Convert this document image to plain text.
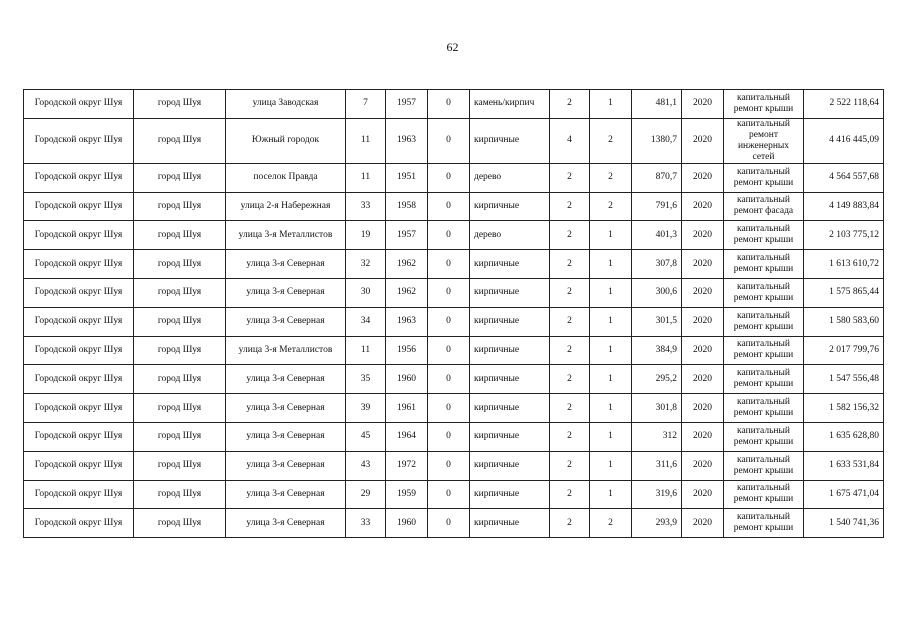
62
Городской округ Шуя	город Шуя	улица Заводская	7	1957	0	камень/кирпич	2	1	481,1	2020	капитальный ремонт крыши	2 522 118,64
Городской округ Шуя	город Шуя	Южный городок	11	1963	0	кирпичные	4	2	1380,7	2020	капитальный ремонт инженерных сетей	4 416 445,09
Городской округ Шуя	город Шуя	поселок Правда	11	1951	0	дерево	2	2	870,7	2020	капитальный ремонт крыши	4 564 557,68
Городской округ Шуя	город Шуя	улица 2-я Набережная	33	1958	0	кирпичные	2	2	791,6	2020	капитальный ремонт фасада	4 149 883,84
Городской округ Шуя	город Шуя	улица 3-я Металлистов	19	1957	0	дерево	2	1	401,3	2020	капитальный ремонт крыши	2 103 775,12
Городской округ Шуя	город Шуя	улица 3-я Северная	32	1962	0	кирпичные	2	1	307,8	2020	капитальный ремонт крыши	1 613 610,72
Городской округ Шуя	город Шуя	улица 3-я Северная	30	1962	0	кирпичные	2	1	300,6	2020	капитальный ремонт крыши	1 575 865,44
Городской округ Шуя	город Шуя	улица 3-я Северная	34	1963	0	кирпичные	2	1	301,5	2020	капитальный ремонт крыши	1 580 583,60
Городской округ Шуя	город Шуя	улица 3-я Металлистов	11	1956	0	кирпичные	2	1	384,9	2020	капитальный ремонт крыши	2 017 799,76
Городской округ Шуя	город Шуя	улица 3-я Северная	35	1960	0	кирпичные	2	1	295,2	2020	капитальный ремонт крыши	1 547 556,48
Городской округ Шуя	город Шуя	улица 3-я Северная	39	1961	0	кирпичные	2	1	301,8	2020	капитальный ремонт крыши	1 582 156,32
Городской округ Шуя	город Шуя	улица 3-я Северная	45	1964	0	кирпичные	2	1	312	2020	капитальный ремонт крыши	1 635 628,80
Городской округ Шуя	город Шуя	улица 3-я Северная	43	1972	0	кирпичные	2	1	311,6	2020	капитальный ремонт крыши	1 633 531,84
Городской округ Шуя	город Шуя	улица 3-я Северная	29	1959	0	кирпичные	2	1	319,6	2020	капитальный ремонт крыши	1 675 471,04
Городской округ Шуя	город Шуя	улица 3-я Северная	33	1960	0	кирпичные	2	2	293,9	2020	капитальный ремонт крыши	1 540 741,36
